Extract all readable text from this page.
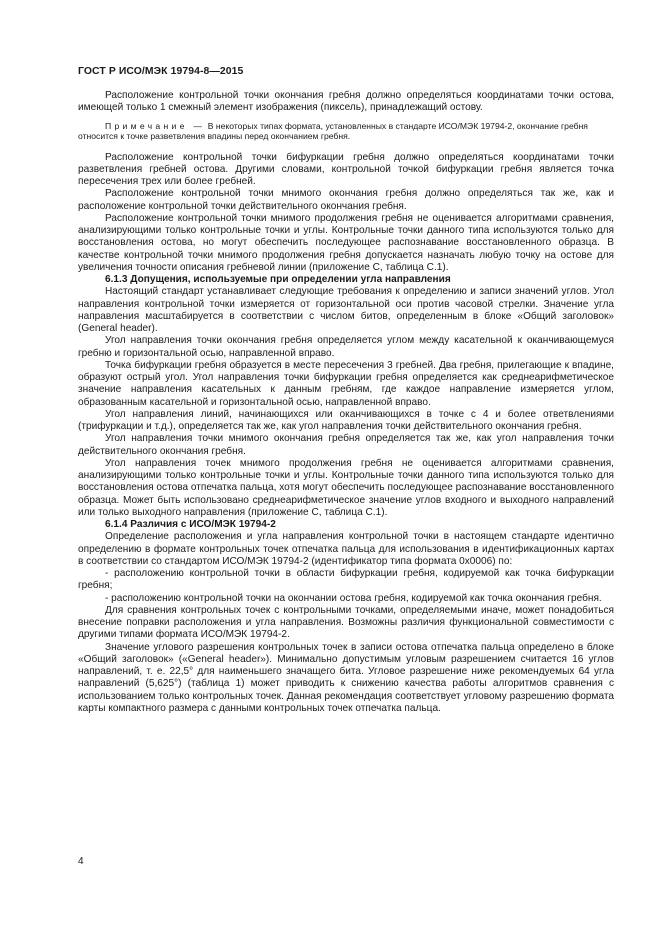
ГОСТ Р ИСО/МЭК 19794-8—2015

Расположение контрольной точки окончания гребня должно определяться координатами точки остова, имеющей только 1 смежный элемент изображения (пиксель), принадлежащий остову.

Примечание — В некоторых типах формата, установленных в стандарте ИСО/МЭК 19794-2, окончание гребня относится к точке разветвления впадины перед окончанием гребня.

Расположение контрольной точки бифуркации гребня должно определяться координатами точки разветвления гребней остова. Другими словами, контрольной точкой бифуркации гребня является точка пересечения трех или более гребней.

Расположение контрольной точки мнимого окончания гребня должно определяться так же, как и расположение контрольной точки действительного окончания гребня.

Расположение контрольной точки мнимого продолжения гребня не оценивается алгоритмами сравнения, анализирующими только контрольные точки и углы. Контрольные точки данного типа используются только для восстановления остова, но могут обеспечить последующее распознавание восстановленного образца. В качестве контрольной точки мнимого продолжения гребня допускается назначать любую точку на остове для увеличения точности описания гребневой линии (приложение С, таблица С.1).

6.1.3 Допущения, используемые при определении угла направления

Настоящий стандарт устанавливает следующие требования к определению и записи значений углов. Угол направления контрольной точки измеряется от горизонтальной оси против часовой стрелки. Значение угла направления масштабируется в соответствии с числом битов, определенным в блоке «Общий заголовок» (General header).

Угол направления точки окончания гребня определяется углом между касательной к оканчивающемуся гребню и горизонтальной осью, направленной вправо.

Точка бифуркации гребня образуется в месте пересечения 3 гребней. Два гребня, прилегающие к впадине, образуют острый угол. Угол направления точки бифуркации гребня определяется как среднеарифметическое значение направления касательных к данным гребням, где каждое направление измеряется углом, образованным касательной и горизонтальной осью, направленной вправо.

Угол направления линий, начинающихся или оканчивающихся в точке с 4 и более ответвлениями (трифуркации и т.д.), определяется так же, как угол направления точки действительного окончания гребня.

Угол направления точки мнимого окончания гребня определяется так же, как угол направления точки действительного окончания гребня.

Угол направления точек мнимого продолжения гребня не оценивается алгоритмами сравнения, анализирующими только контрольные точки и углы. Контрольные точки данного типа используются только для восстановления остова отпечатка пальца, хотя могут обеспечить последующее распознавание восстановленного образца. Может быть использовано среднеарифметическое значение углов входного и выходного направлений или только выходного направления (приложение С, таблица С.1).

6.1.4 Различия с ИСО/МЭК 19794-2

Определение расположения и угла направления контрольной точки в настоящем стандарте идентично определению в формате контрольных точек отпечатка пальца для использования в идентификационных картах в соответствии со стандартом ИСО/МЭК 19794-2 (идентификатор типа формата 0х0006) по:

- расположению контрольной точки в области бифуркации гребня, кодируемой как точка бифуркации гребня;

- расположению контрольной точки на окончании остова гребня, кодируемой как точка окончания гребня.

Для сравнения контрольных точек с контрольными точками, определяемыми иначе, может понадобиться внесение поправки расположения и угла направления. Возможны различия функциональной совместимости с другими типами формата ИСО/МЭК 19794-2.

Значение углового разрешения контрольных точек в записи остова отпечатка пальца определено в блоке «Общий заголовок» («General header»). Минимально допустимым угловым разрешением считается 16 углов направлений, т. е. 22,5° для наименьшего значащего бита. Угловое разрешение ниже рекомендуемых 64 угла направлений (5,625°) (таблица 1) может приводить к снижению качества работы алгоритмов сравнения с использованием только контрольных точек. Данная рекомендация соответствует угловому разрешению формата карты компактного размера с данными контрольных точек отпечатка пальца.

4
